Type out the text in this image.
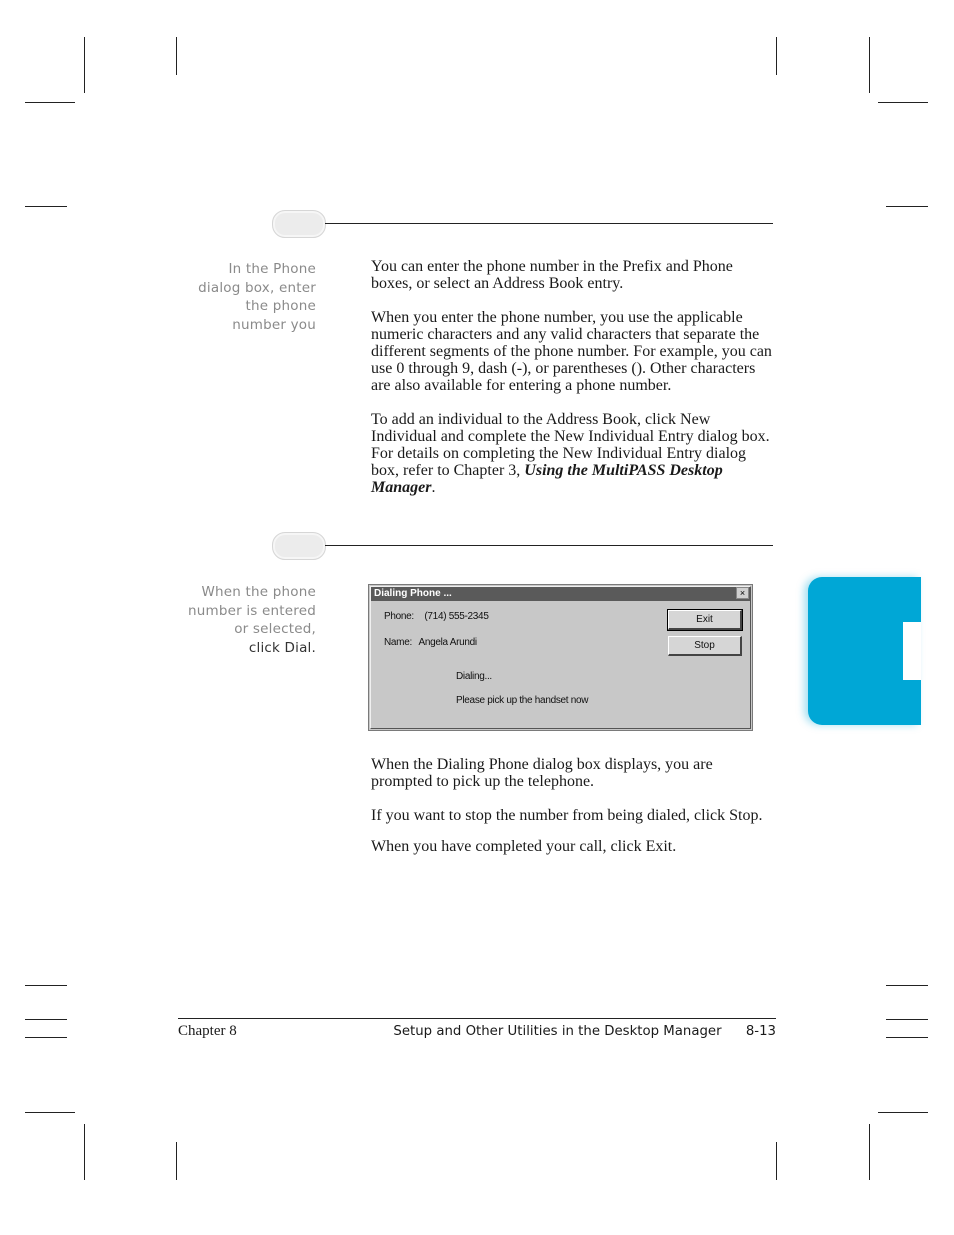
In the Phone
dialog box, enter
the phone
number you

You can enter the phone number in the Prefix and Phone boxes, or select an Address Book entry.

When you enter the phone number, you use the applicable numeric characters and any valid characters that separate the different segments of the phone number. For example, you can use 0 through 9, dash (-), or parentheses (). Other characters are also available for entering a phone number.

To add an individual to the Address Book, click New Individual and complete the New Individual Entry dialog box. For details on completing the New Individual Entry dialog box, refer to Chapter 3, Using the MultiPASS Desktop Manager.

When the phone
number is entered
or selected,
click Dial.
Dialing Phone ...	×
Phone: (714) 555-2345
Name: Angela Arundi
Dialing...
Please pick up the handset now
Exit
Stop

When the Dialing Phone dialog box displays, you are prompted to pick up the telephone.

If you want to stop the number from being dialed, click Stop.

When you have completed your call, click Exit.

Chapter 8	Setup and Other Utilities in the Desktop Manager 8-13
